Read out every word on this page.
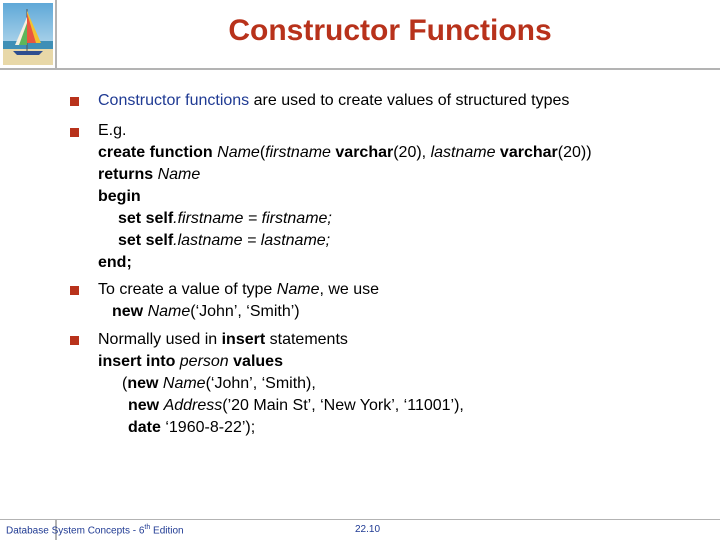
Constructor Functions
Constructor functions are used to create values of structured types
E.g.
create function Name(firstname varchar(20), lastname varchar(20))
returns Name
begin
set self.firstname = firstname;
set self.lastname = lastname;
end;
To create a value of type Name, we use
new Name(‘John’, ‘Smith’)
Normally used in insert statements
insert into person values
(new Name(‘John’, ‘Smith),
new Address(’20 Main St’, ‘New York’, ‘11001’),
date ‘1960-8-22’);
Database System Concepts - 6th Edition	22.10
